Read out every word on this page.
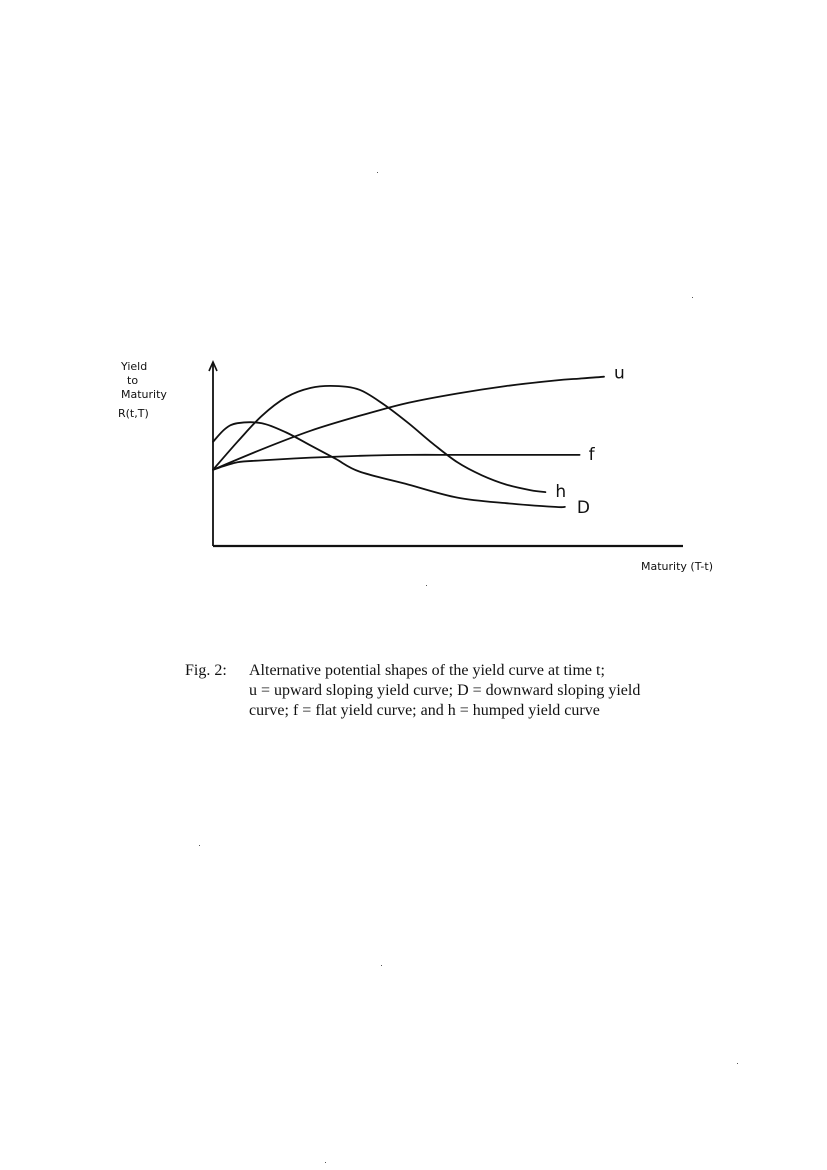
u
f
h
D
Yield
to
Maturity
R(t,T)
Maturity (T-t)
Fig. 2: Alternative potential shapes of the yield curve at time t;
u = upward sloping yield curve; D = downward sloping yield
curve; f = flat yield curve; and h = humped yield curve
